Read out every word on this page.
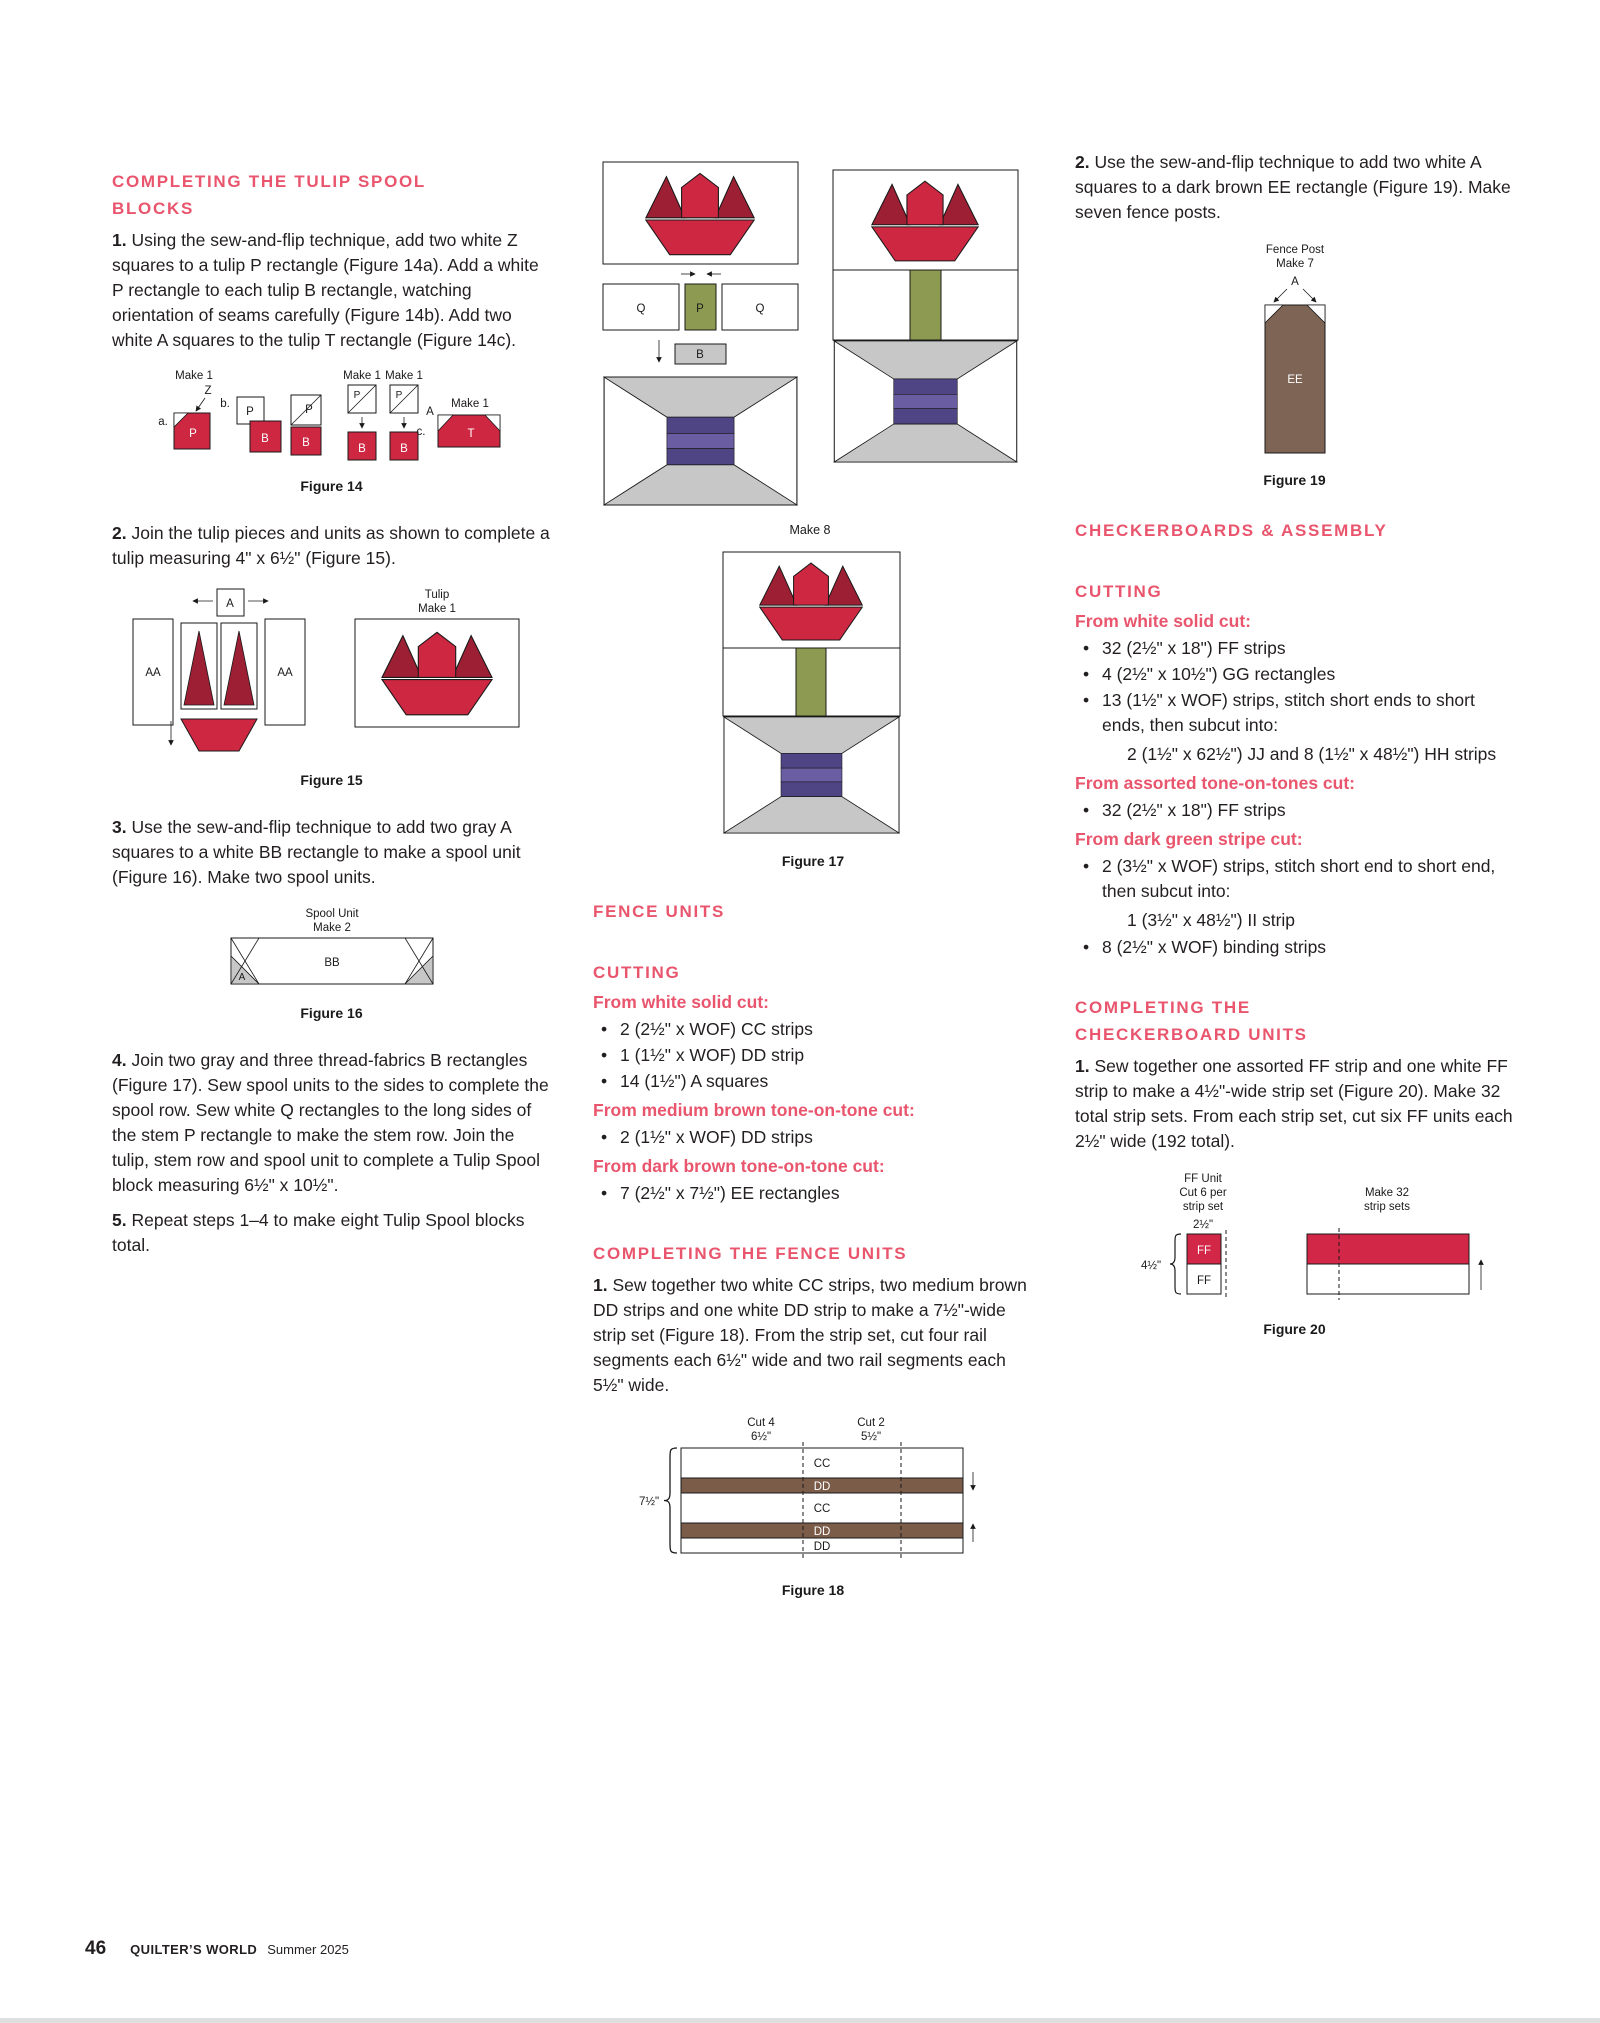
COMPLETING THE TULIP SPOOL
BLOCKS

1. Using the sew-and-flip technique, add two white Z squares to a tulip P rectangle (Figure 14a). Add a white P rectangle to each tulip B rectangle, watching orientation of seams carefully (Figure 14b). Add two white A squares to the tulip T rectangle (Figure 14c).

Make 1
Z
P
a.
b.
P
B
P
B
Make 1 Make 1
P
B
P
B
c.
Make 1
A
T
Figure 14

2. Join the tulip pieces and units as shown to complete a tulip measuring 4" x 6½" (Figure 15).

A
AA	AA
Tulip
Make 1
Figure 15

3. Use the sew-and-flip technique to add two gray A squares to a white BB rectangle to make a spool unit (Figure 16). Make two spool units.

Spool Unit
Make 2
BB
A
Figure 16

4. Join two gray and three thread-fabrics B rectangles (Figure 17). Sew spool units to the sides to complete the spool row. Sew white Q rectangles to the long sides of the stem P rectangle to make the stem row. Join the tulip, stem row and spool unit to complete a Tulip Spool block measuring 6½" x 10½".

5. Repeat steps 1–4 to make eight Tulip Spool blocks total.

Q	P	Q
B
Make 8
Figure 17
FENCE UNITS
CUTTING
From white solid cut:
• 2 (2½" x WOF) CC strips
• 1 (1½" x WOF) DD strip
• 14 (1½") A squares
From medium brown tone-on-tone cut:
• 2 (1½" x WOF) DD strips
From dark brown tone-on-tone cut:
• 7 (2½" x 7½") EE rectangles
COMPLETING THE FENCE UNITS

1. Sew together two white CC strips, two medium brown DD strips and one white DD strip to make a 7½"-wide strip set (Figure 18). From the strip set, cut four rail segments each 6½" wide and two rail segments each 5½" wide.

Cut 4
6½"
Cut 2
5½"
CC
DD
CC
DD
DD
7½"
Figure 18

2. Use the sew-and-flip technique to add two white A squares to a dark brown EE rectangle (Figure 19). Make seven fence posts.

Fence Post
Make 7
A
EE
Figure 19
CHECKERBOARDS & ASSEMBLY
CUTTING
From white solid cut:
• 32 (2½" x 18") FF strips
• 4 (2½" x 10½") GG rectangles
• 13 (1½" x WOF) strips, stitch short ends to short ends, then subcut into:
2 (1½" x 62½") JJ and 8 (1½" x 48½") HH strips
From assorted tone-on-tones cut:
• 32 (2½" x 18") FF strips
From dark green stripe cut:
• 2 (3½" x WOF) strips, stitch short end to short end, then subcut into:
1 (3½" x 48½") II strip
• 8 (2½" x WOF) binding strips
COMPLETING THE
CHECKERBOARD UNITS

1. Sew together one assorted FF strip and one white FF strip to make a 4½"-wide strip set (Figure 20). Make 32 total strip sets. From each strip set, cut six FF units each 2½" wide (192 total).

FF Unit
Cut 6 per
strip set
2½"
FF
FF
4½"
Make 32
strip sets
Figure 20
46 QUILTER’S WORLD Summer 2025
